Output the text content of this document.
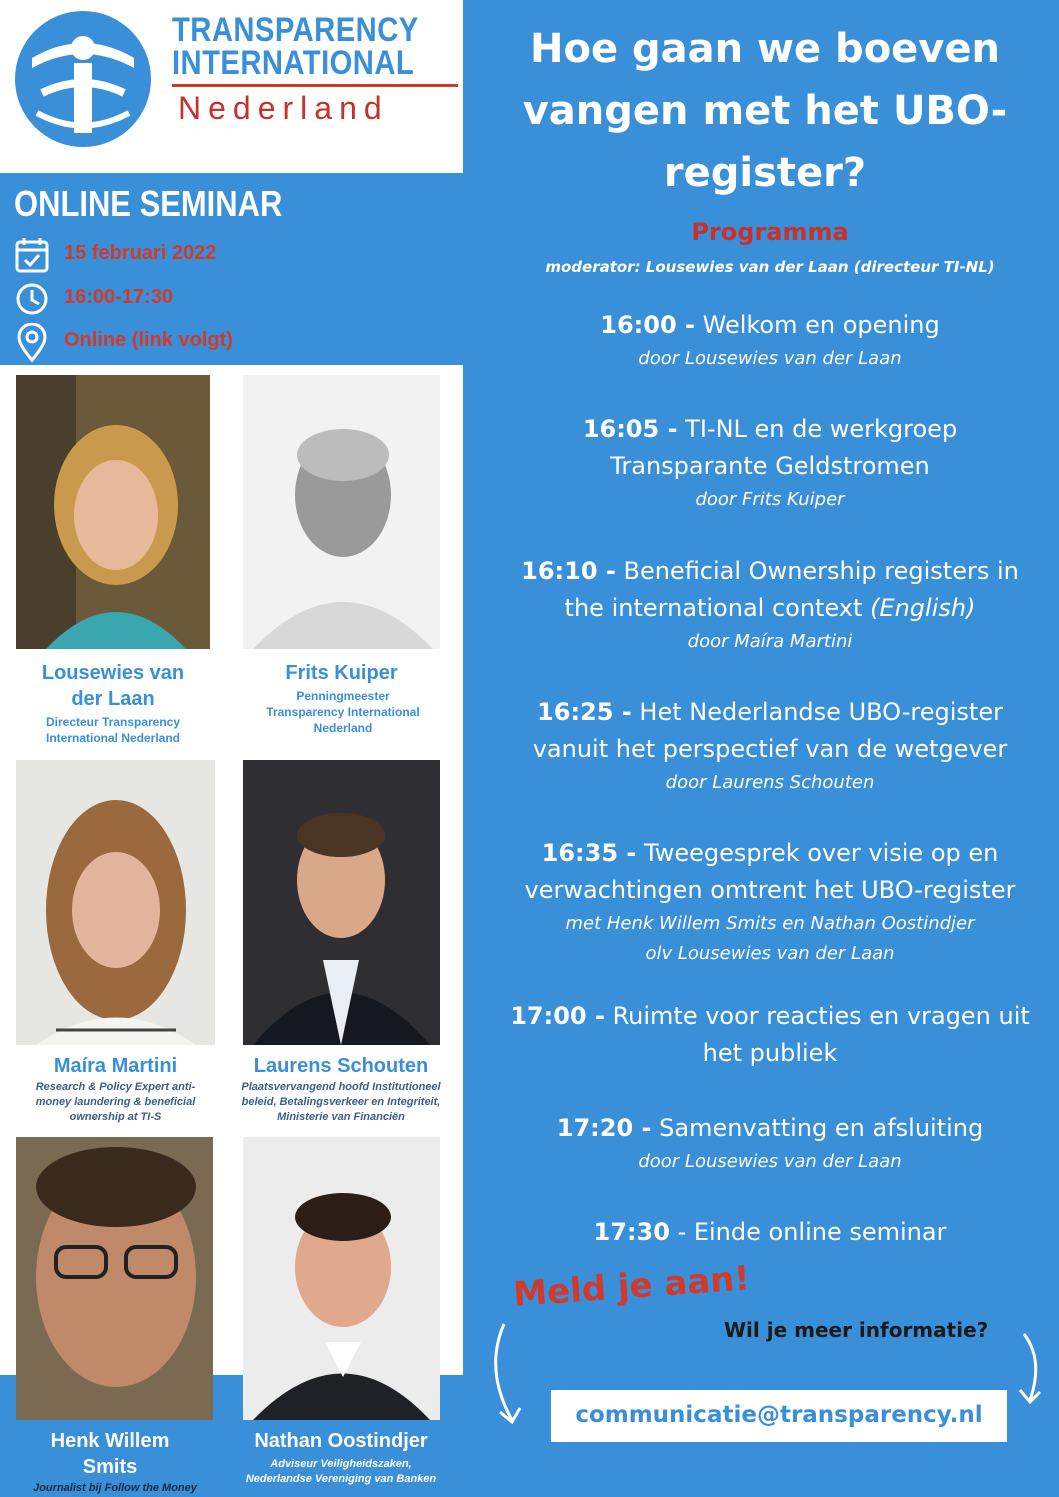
TRANSPARENCY
INTERNATIONAL
Nederland
ONLINE SEMINAR
15 februari 2022
16:00-17:30
Online (link volgt)
Lousewies van
der Laan
Directeur Transparency
International Nederland
Frits Kuiper
Penningmeester
Transparency International
Nederland
Maíra Martini
Research & Policy Expert anti-
money laundering & beneficial
ownership at TI-S
Laurens Schouten
Plaatsvervangend hoofd Institutioneel
beleid, Betalingsverkeer en Integriteit,
Ministerie van Financiën
Henk Willem
Smits
Journalist bij Follow the Money
Nathan Oostindjer
Adviseur Veiligheidszaken,
Nederlandse Vereniging van Banken
Hoe gaan we boeven
vangen met het UBO-
register?
Programma
moderator: Lousewies van der Laan (directeur TI-NL)
16:00 - Welkom en opening
door Lousewies van der Laan
16:05 - TI-NL en de werkgroep
Transparante Geldstromen
door Frits Kuiper
16:10 - Beneficial Ownership registers in
the international context (English)
door Maíra Martini
16:25 - Het Nederlandse UBO-register
vanuit het perspectief van de wetgever
door Laurens Schouten
16:35 - Tweegesprek over visie op en
verwachtingen omtrent het UBO-register
met Henk Willem Smits en Nathan Oostindjer
olv Lousewies van der Laan
17:00 - Ruimte voor reacties en vragen uit
het publiek
17:20 - Samenvatting en afsluiting
door Lousewies van der Laan
17:30 - Einde online seminar
Meld je aan!
Wil je meer informatie?
communicatie@transparency.nl
